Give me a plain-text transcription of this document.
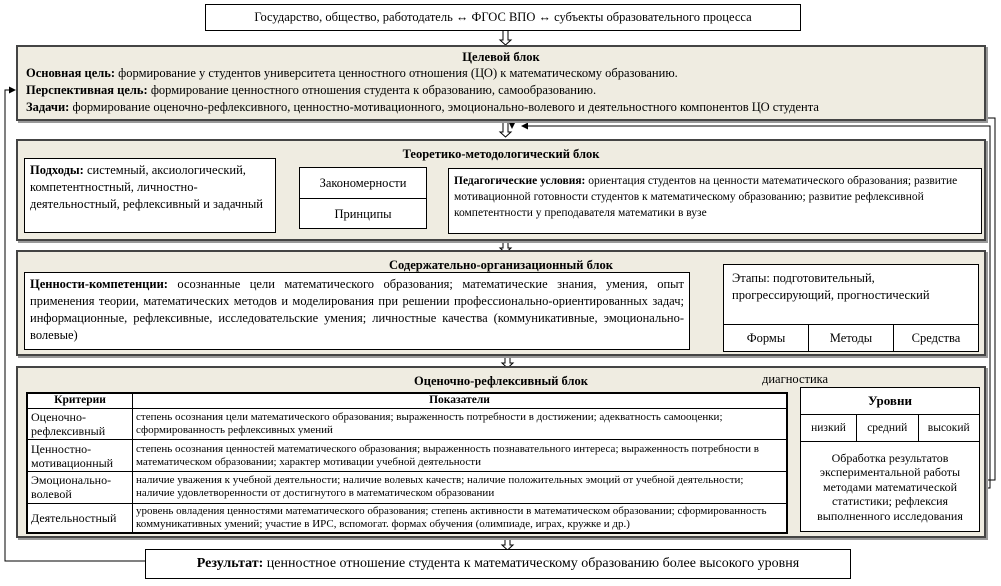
Государство, общество, работодатель ↔ ФГОС ВПО ↔ субъекты образовательного процесса
Целевой блок
Основная цель: формирование у студентов университета ценностного отношения (ЦО) к математическому образованию.
Перспективная цель: формирование ценностного отношения студента к образованию, самообразованию.
Задачи: формирование оценочно-рефлексивного, ценностно-мотивационного, эмоционально-волевого и деятельностного компонентов ЦО студента
Теоретико-методологический блок
Подходы: системный, аксиологический, компетентностный, личностно-деятельностный, рефлексивный и задачный
Закономерности
Принципы
Педагогические условия: ориентация студентов на ценности математического образования; развитие мотивационной готовности студентов к математическому образованию; развитие рефлексивной компетентности у преподавателя математики в вузе
Содержательно-организационный блок
Ценности-компетенции: осознанные цели математического образования; математические знания, умения, опыт применения теории, математических методов и моделирования при решении профессионально-ориентированных задач; информационные, рефлексивные, исследовательские умения; личностные качества (коммуникативные, эмоционально-волевые)
Этапы: подготовительный, прогрессирующий, прогностический
Формы	Методы	Средства
Оценочно-рефлексивный блок	диагностика
Критерии	Показатели
Оценочно-рефлексивный	степень осознания цели математического образования; выраженность потребности в достижении; адекватность самооценки; сформированность рефлексивных умений
Ценностно-мотивационный	степень осознания ценностей математического образования; выраженность познавательного интереса; выраженность потребности в математическом образовании; характер мотивации учебной деятельности
Эмоционально-волевой	наличие уважения к учебной деятельности; наличие волевых качеств; наличие положительных эмоций от учебной деятельности; наличие удовлетворенности от достигнутого в математическом образовании
Деятельностный	уровень овладения ценностями математического образования; степень активности в математическом образовании; сформированность коммуникативных умений; участие в ИРС, вспомогат. формах обучения (олимпиаде, играх, кружке и др.)
Уровни
низкий	средний	высокий
Обработка результатов экспериментальной работы методами математической статистики; рефлексия выполненного исследования
Результат: ценностное отношение студента к математическому образованию более высокого уровня
